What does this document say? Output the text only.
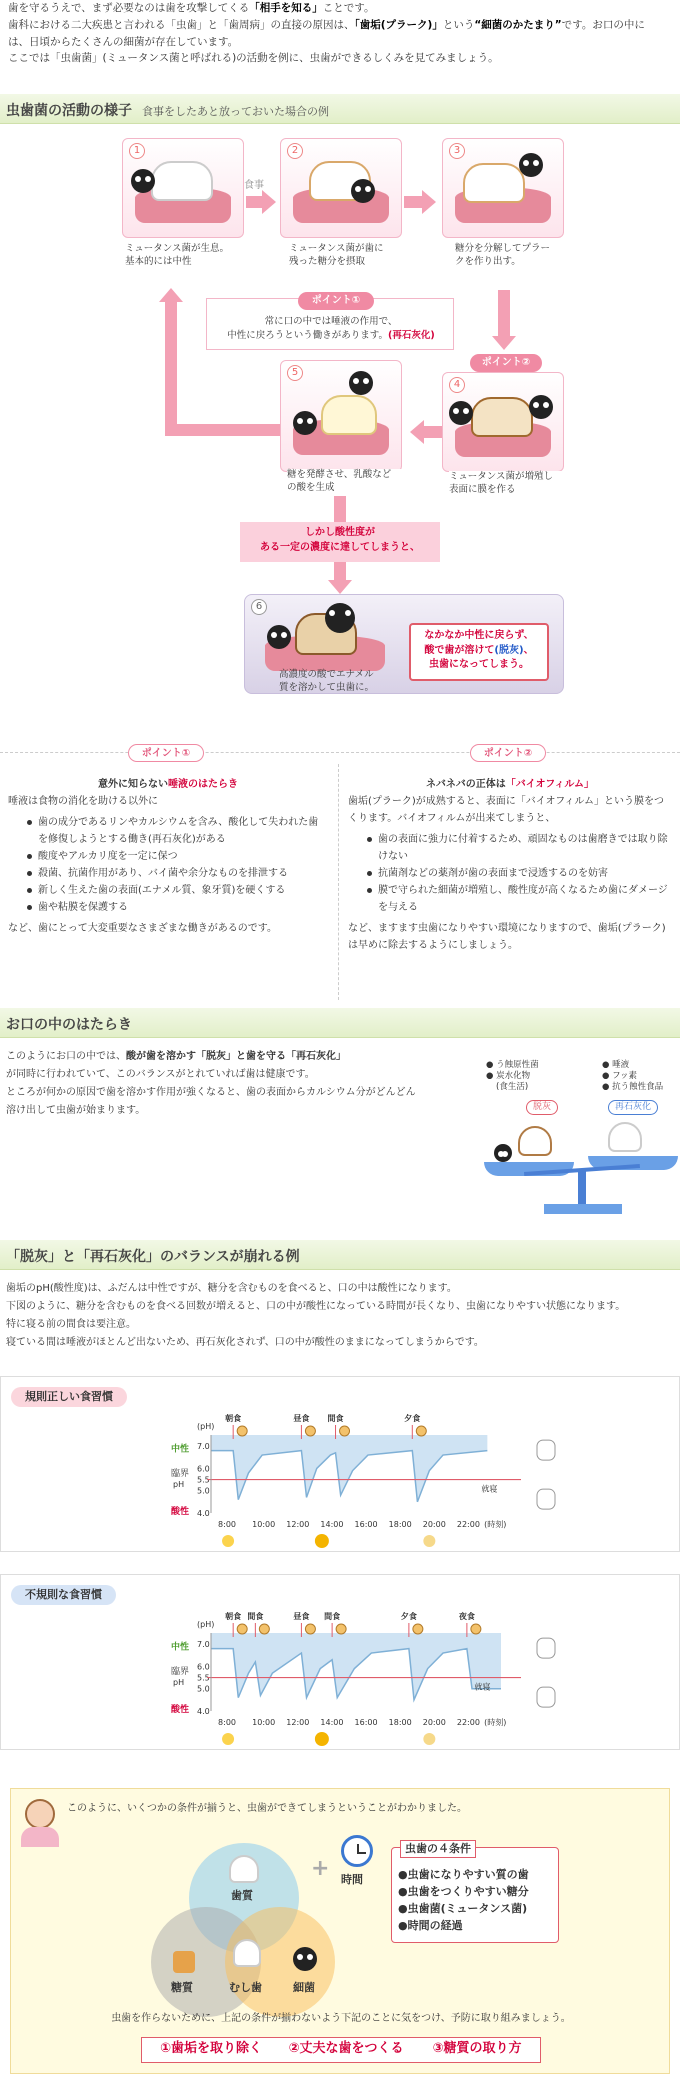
歯を守るうえで、まず必要なのは歯を攻撃してくる「相手を知る」ことです。
歯科における二大疾患と言われる「虫歯」と「歯周病」の直接の原因は、「歯垢(プラーク)」という“細菌のかたまり”です。お口の中に
は、日頃からたくさんの細菌が存在しています。
ここでは「虫歯菌」(ミュータンス菌と呼ばれる)の活動を例に、虫歯ができるしくみを見てみましょう。
虫歯菌の活動の様子 食事をしたあと放っておいた場合の例
1
ミュータンス菌が生息。
基本的には中性
食事
2
ミュータンス菌が歯に
残った糖分を摂取
3
糖分を分解してプラー
クを作り出す。
常に口の中では唾液の作用で、
中性に戻ろうという働きがあります。(再石灰化)
ポイント①
ポイント②
4
ミュータンス菌が増殖し
表面に膜を作る
5
糖を発酵させ、乳酸など
の酸を生成
しかし酸性度が
ある一定の濃度に達してしまうと、
6
高濃度の酸でエナメル
質を溶かして虫歯に。
なかなか中性に戻らず、
酸で歯が溶けて(脱灰)、
虫歯になってしまう。
ポイント①	ポイント②
意外に知らない唾液のはたらき
唾液は食物の消化を助ける以外に
歯の成分であるリンやカルシウムを含み、酸化して失われた歯を修復しようとする働き(再石灰化)がある
酸度やアルカリ度を一定に保つ
殺菌、抗菌作用があり、バイ菌や余分なものを排泄する
新しく生えた歯の表面(エナメル質、象牙質)を硬くする
歯や粘膜を保護する
など、歯にとって大変重要なさまざまな働きがあるのです。
ネバネバの正体は「バイオフィルム」
歯垢(プラーク)が成熟すると、表面に「バイオフィルム」という膜をつくります。バイオフィルムが出来てしまうと、
歯の表面に強力に付着するため、頑固なものは歯磨きでは取り除けない
抗菌剤などの薬剤が歯の表面まで浸透するのを妨害
膜で守られた細菌が増殖し、酸性度が高くなるため歯にダメージを与える
など、ますます虫歯になりやすい環境になりますので、歯垢(プラーク)は早めに除去するようにしましょう。
お口の中のはたらき
このようにお口の中では、酸が歯を溶かす「脱灰」と歯を守る「再石灰化」
が同時に行われていて、このバランスがとれていれば歯は健康です。
ところが何かの原因で歯を溶かす作用が強くなると、歯の表面からカルシウム分がどんどん
溶け出して虫歯が始まります。
● う蝕原性菌
● 炭水化物
(食生活)
● 唾液
● フッ素
● 抗う蝕性食品
脱灰	再石灰化
「脱灰」と「再石灰化」のバランスが崩れる例
歯垢のpH(酸性度)は、ふだんは中性ですが、糖分を含むものを食べると、口の中は酸性になります。
下図のように、糖分を含むものを食べる回数が増えると、口の中が酸性になっている時間が長くなり、虫歯になりやすい状態になります。
特に寝る前の間食は要注意。
寝ている間は唾液がほとんど出ないため、再石灰化されず、口の中が酸性のままになってしまうからです。
規則正しい食習慣
中性
臨界
pH
酸性
(pH)
7.0
6.0
5.5
5.0
4.0
8:00 10:00 12:00 14:00 16:00 18:00 20:00 22:00 (時刻)
朝食	昼食 間食	夕食
就寝
不規則な食習慣
中性
臨界
pH
酸性
(pH)
7.0
6.0
5.5
5.0
4.0
8:00 10:00 12:00 14:00 16:00 18:00 20:00 22:00 (時刻)
朝食 間食	昼食 間食	夕食	夜食
就寝
このように、いくつかの条件が揃うと、虫歯ができてしまうということがわかりました。
歯質
糖質	細菌
むし歯
+ 時間
虫歯の４条件
●虫歯になりやすい質の歯
●虫歯をつくりやすい糖分
●虫歯菌(ミュータンス菌)
●時間の経過
虫歯を作らないために、上記の条件が揃わないよう下記のことに気をつけ、予防に取り組みましょう。
①歯垢を取り除く	②丈夫な歯をつくる	③糖質の取り方
